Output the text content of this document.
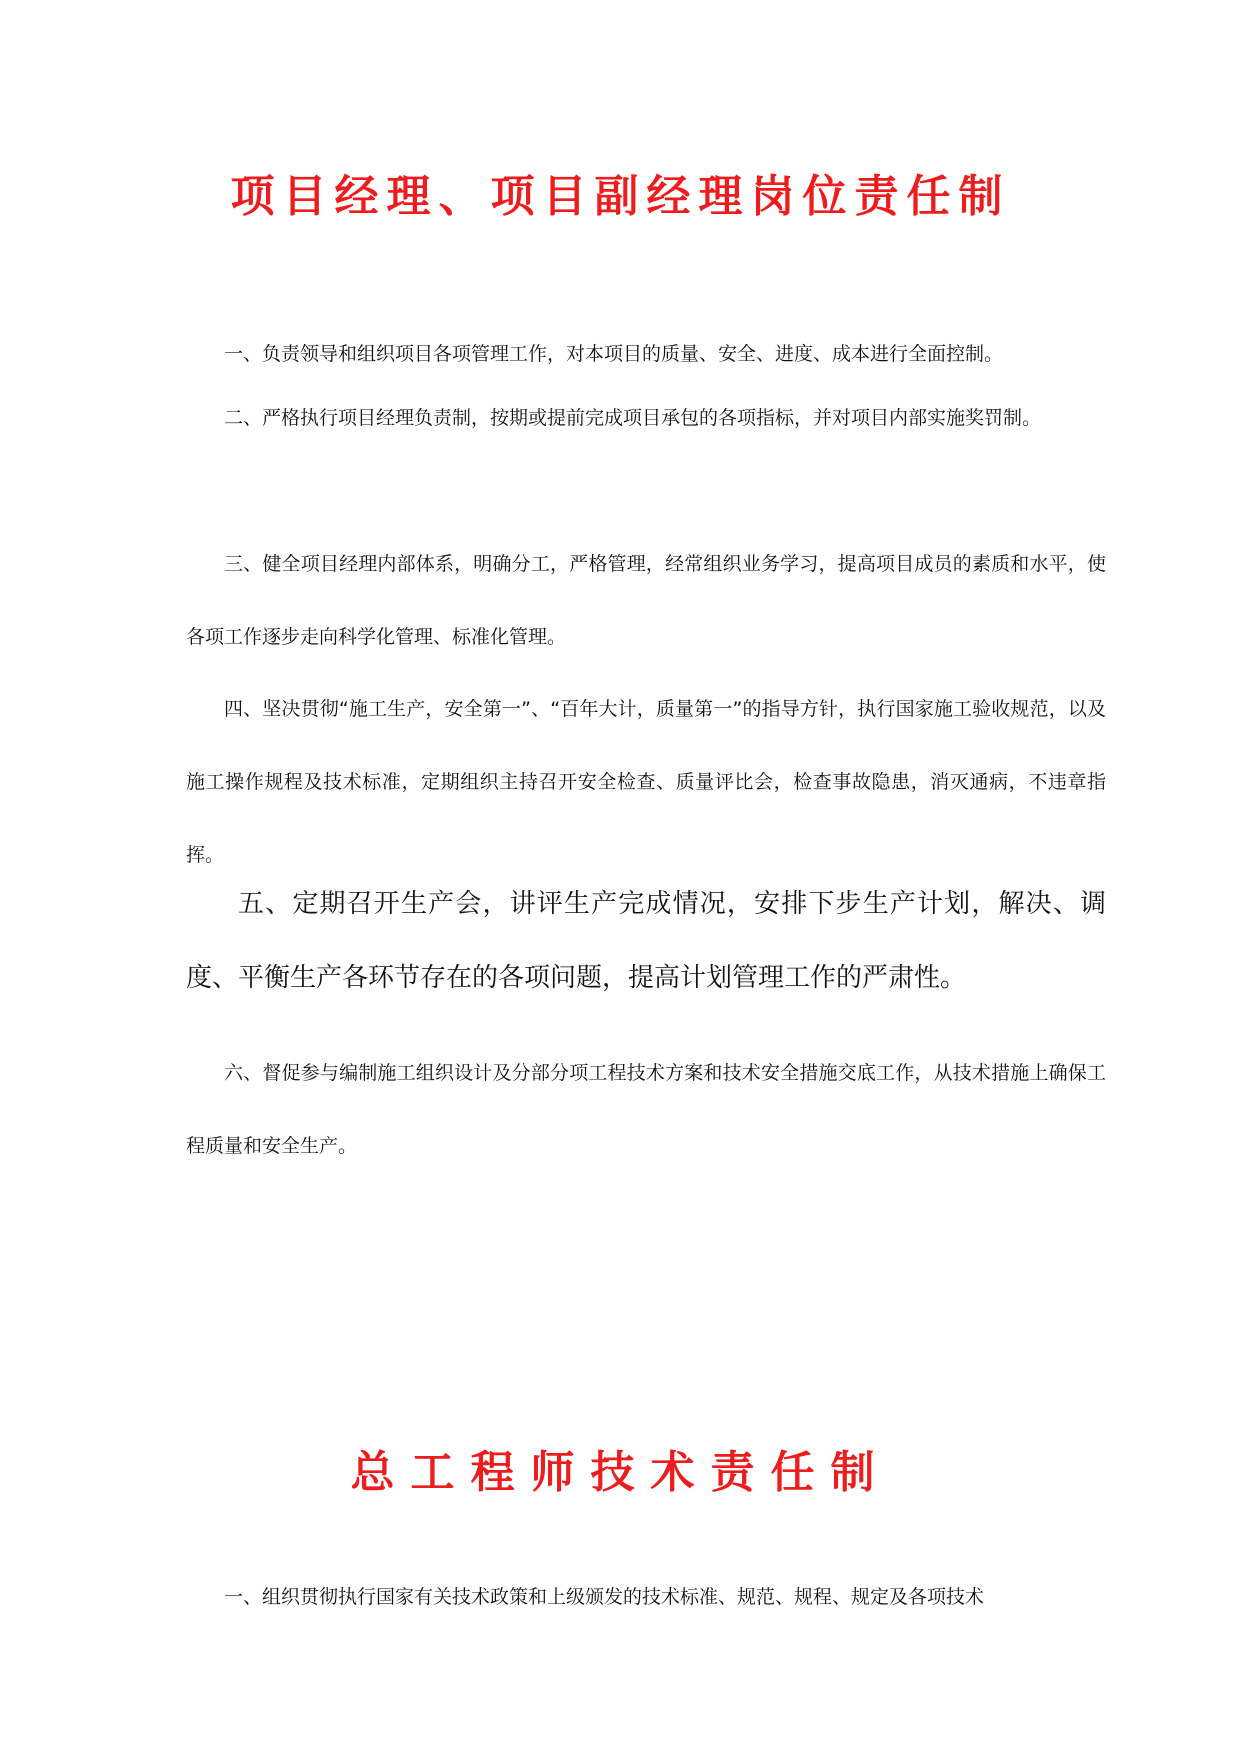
项目经理、项目副经理岗位责任制

一、负责领导和组织项目各项管理工作，对本项目的质量、安全、进度、成本进行全面控制。

二、严格执行项目经理负责制，按期或提前完成项目承包的各项指标，并对项目内部实施奖罚制。

三、健全项目经理内部体系，明确分工，严格管理，经常组织业务学习，提高项目成员的素质和水平，使各项工作逐步走向科学化管理、标准化管理。

四、坚决贯彻“施工生产，安全第一”、“百年大计，质量第一”的指导方针，执行国家施工验收规范，以及施工操作规程及技术标准，定期组织主持召开安全检查、质量评比会，检查事故隐患，消灭通病，不违章指挥。

五、定期召开生产会，讲评生产完成情况，安排下步生产计划，解决、调度、平衡生产各环节存在的各项问题，提高计划管理工作的严肃性。

六、督促参与编制施工组织设计及分部分项工程技术方案和技术安全措施交底工作，从技术措施上确保工程质量和安全生产。

总工程师技术责任制

一、组织贯彻执行国家有关技术政策和上级颁发的技术标准、规范、规程、规定及各项技术
